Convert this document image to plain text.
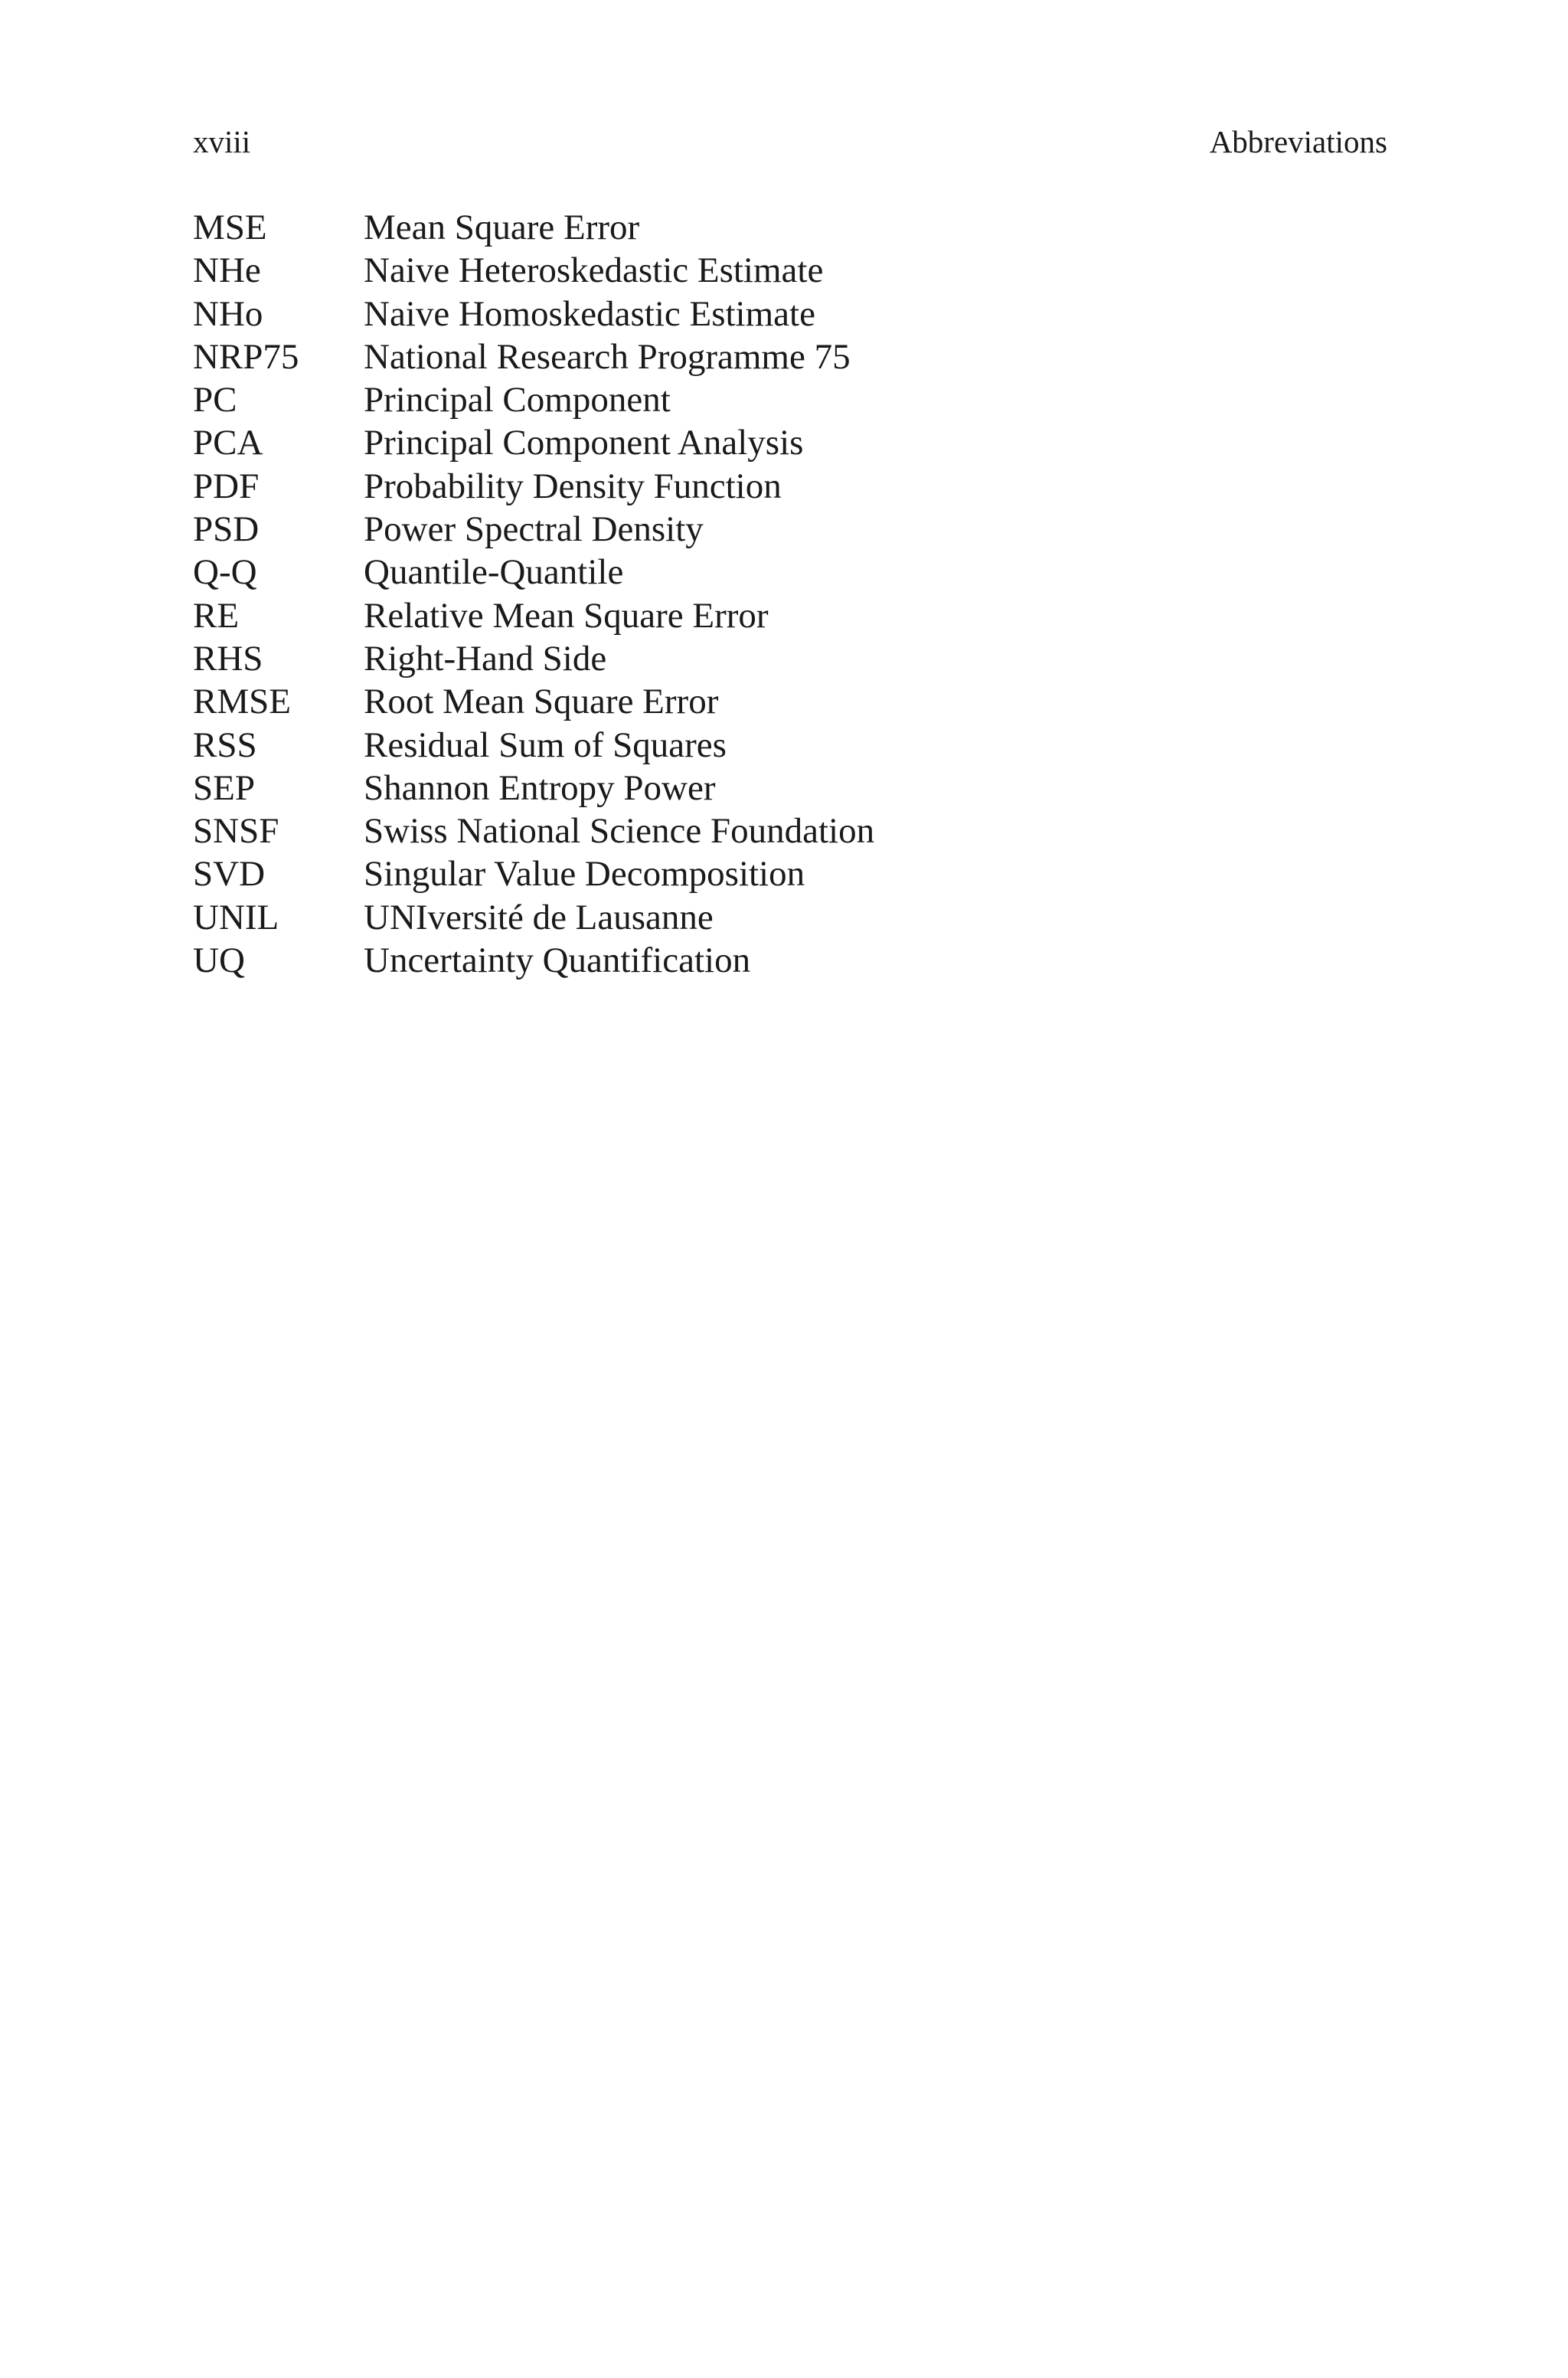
xviii	Abbreviations
MSE	Mean Square Error
NHe	Naive Heteroskedastic Estimate
NHo	Naive Homoskedastic Estimate
NRP75 National Research Programme 75
PC	Principal Component
PCA	Principal Component Analysis
PDF	Probability Density Function
PSD	Power Spectral Density
Q-Q	Quantile-Quantile
RE	Relative Mean Square Error
RHS	Right-Hand Side
RMSE Root Mean Square Error
RSS	Residual Sum of Squares
SEP	Shannon Entropy Power
SNSF Swiss National Science Foundation
SVD	Singular Value Decomposition
UNIL UNIversité de Lausanne
UQ	Uncertainty Quantification
